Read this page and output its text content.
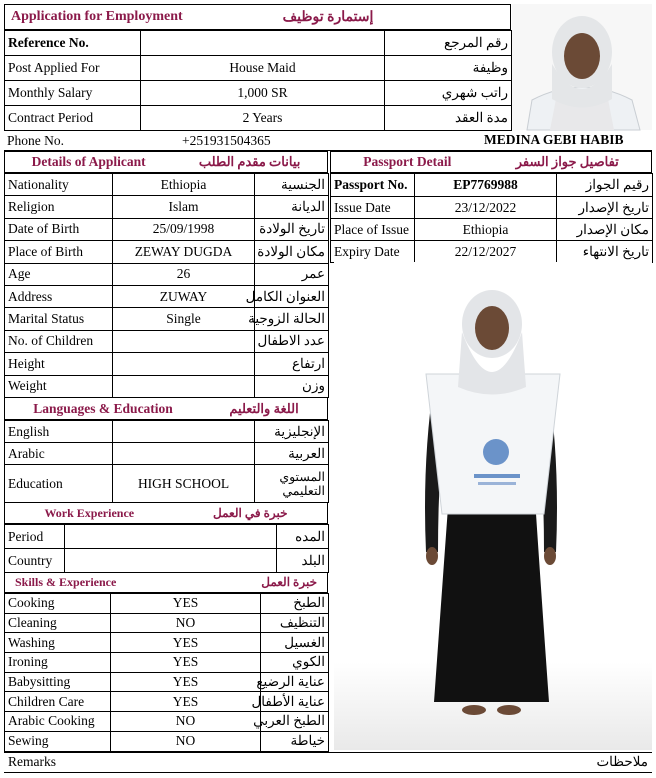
Application for Employment	إستمارة توظيف
Reference No.		رقم المرجع
Post Applied For	House Maid	وظيفة
Monthly Salary	1,000 SR	راتب شهري
Contract Period	2 Years	مدة العقد
Phone No.	+251931504365	MEDINA GEBI HABIB
Details of Applicant	بيانات مقدم الطلب
Nationality	Ethiopia	الجنسية
Religion	Islam	الديانة
Date of Birth	25/09/1998	تاريخ الولادة
Place of Birth	ZEWAY DUGDA	مكان الولادة
Age	26	عمر
Address	ZUWAY	العنوان الكامل
Marital Status	Single	الحالة الزوجية
No. of Children		عدد الاطفال
Height		ارتفاع
Weight		وزن
Languages & Education	اللغة والتعليم
English		الإنجليزية
Arabic		العربية
Education	HIGH SCHOOL	المستوي التعليمي
Work Experience	خبرة في العمل
Period		المده
Country		البلد
Skills & Experience	خبرة العمل
Cooking	YES	الطبخ
Cleaning	NO	التنظيف
Washing	YES	الغسيل
Ironing	YES	الكوي
Babysitting	YES	عناية الرضيع
Children Care	YES	عناية الأطفال
Arabic Cooking	NO	الطبخ العربي
Sewing	NO	خياطة
Remarks	ملاحظات
Passport Detail	تفاصيل جواز السفر
Passport No.	EP7769988	رقيم الجواز
Issue Date	23/12/2022	تاريخ الإصدار
Place of Issue	Ethiopia	مكان الإصدار
Expiry Date	22/12/2027	تاريخ الانتهاء
